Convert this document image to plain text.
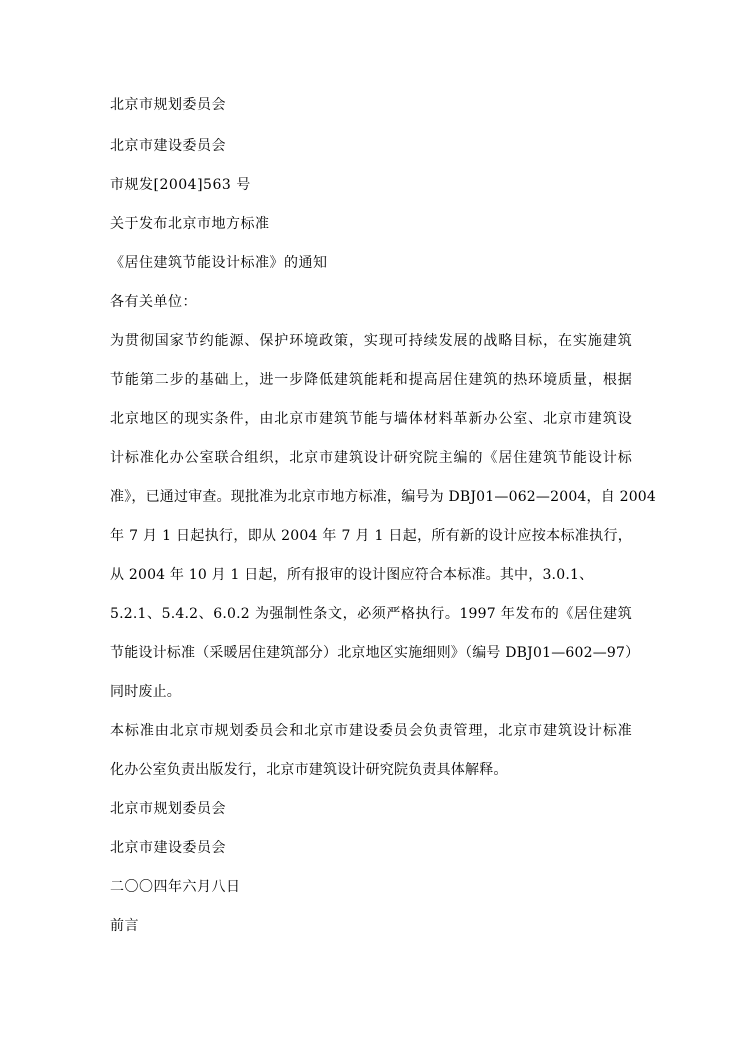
北京市规划委员会
北京市建设委员会
市规发[2004]563 号
关于发布北京市地方标准
《居住建筑节能设计标准》的通知
各有关单位：
为贯彻国家节约能源、保护环境政策，实现可持续发展的战略目标，在实施建筑
节能第二步的基础上，进一步降低建筑能耗和提高居住建筑的热环境质量，根据
北京地区的现实条件，由北京市建筑节能与墙体材料革新办公室、北京市建筑设
计标准化办公室联合组织，北京市建筑设计研究院主编的《居住建筑节能设计标
准》，已通过审查。现批准为北京市地方标准，编号为 DBJ01—062—2004，自 2004
年 7 月 1 日起执行，即从 2004 年 7 月 1 日起，所有新的设计应按本标准执行，
从 2004 年 10 月 1 日起，所有报审的设计图应符合本标准。其中，3.0.1、
5.2.1、5.4.2、6.0.2 为强制性条文，必须严格执行。1997 年发布的《居住建筑
节能设计标准（采暖居住建筑部分）北京地区实施细则》（编号 DBJ01—602—97）
同时废止。
本标准由北京市规划委员会和北京市建设委员会负责管理，北京市建筑设计标准
化办公室负责出版发行，北京市建筑设计研究院负责具体解释。
北京市规划委员会
北京市建设委员会
二〇〇四年六月八日
前言
